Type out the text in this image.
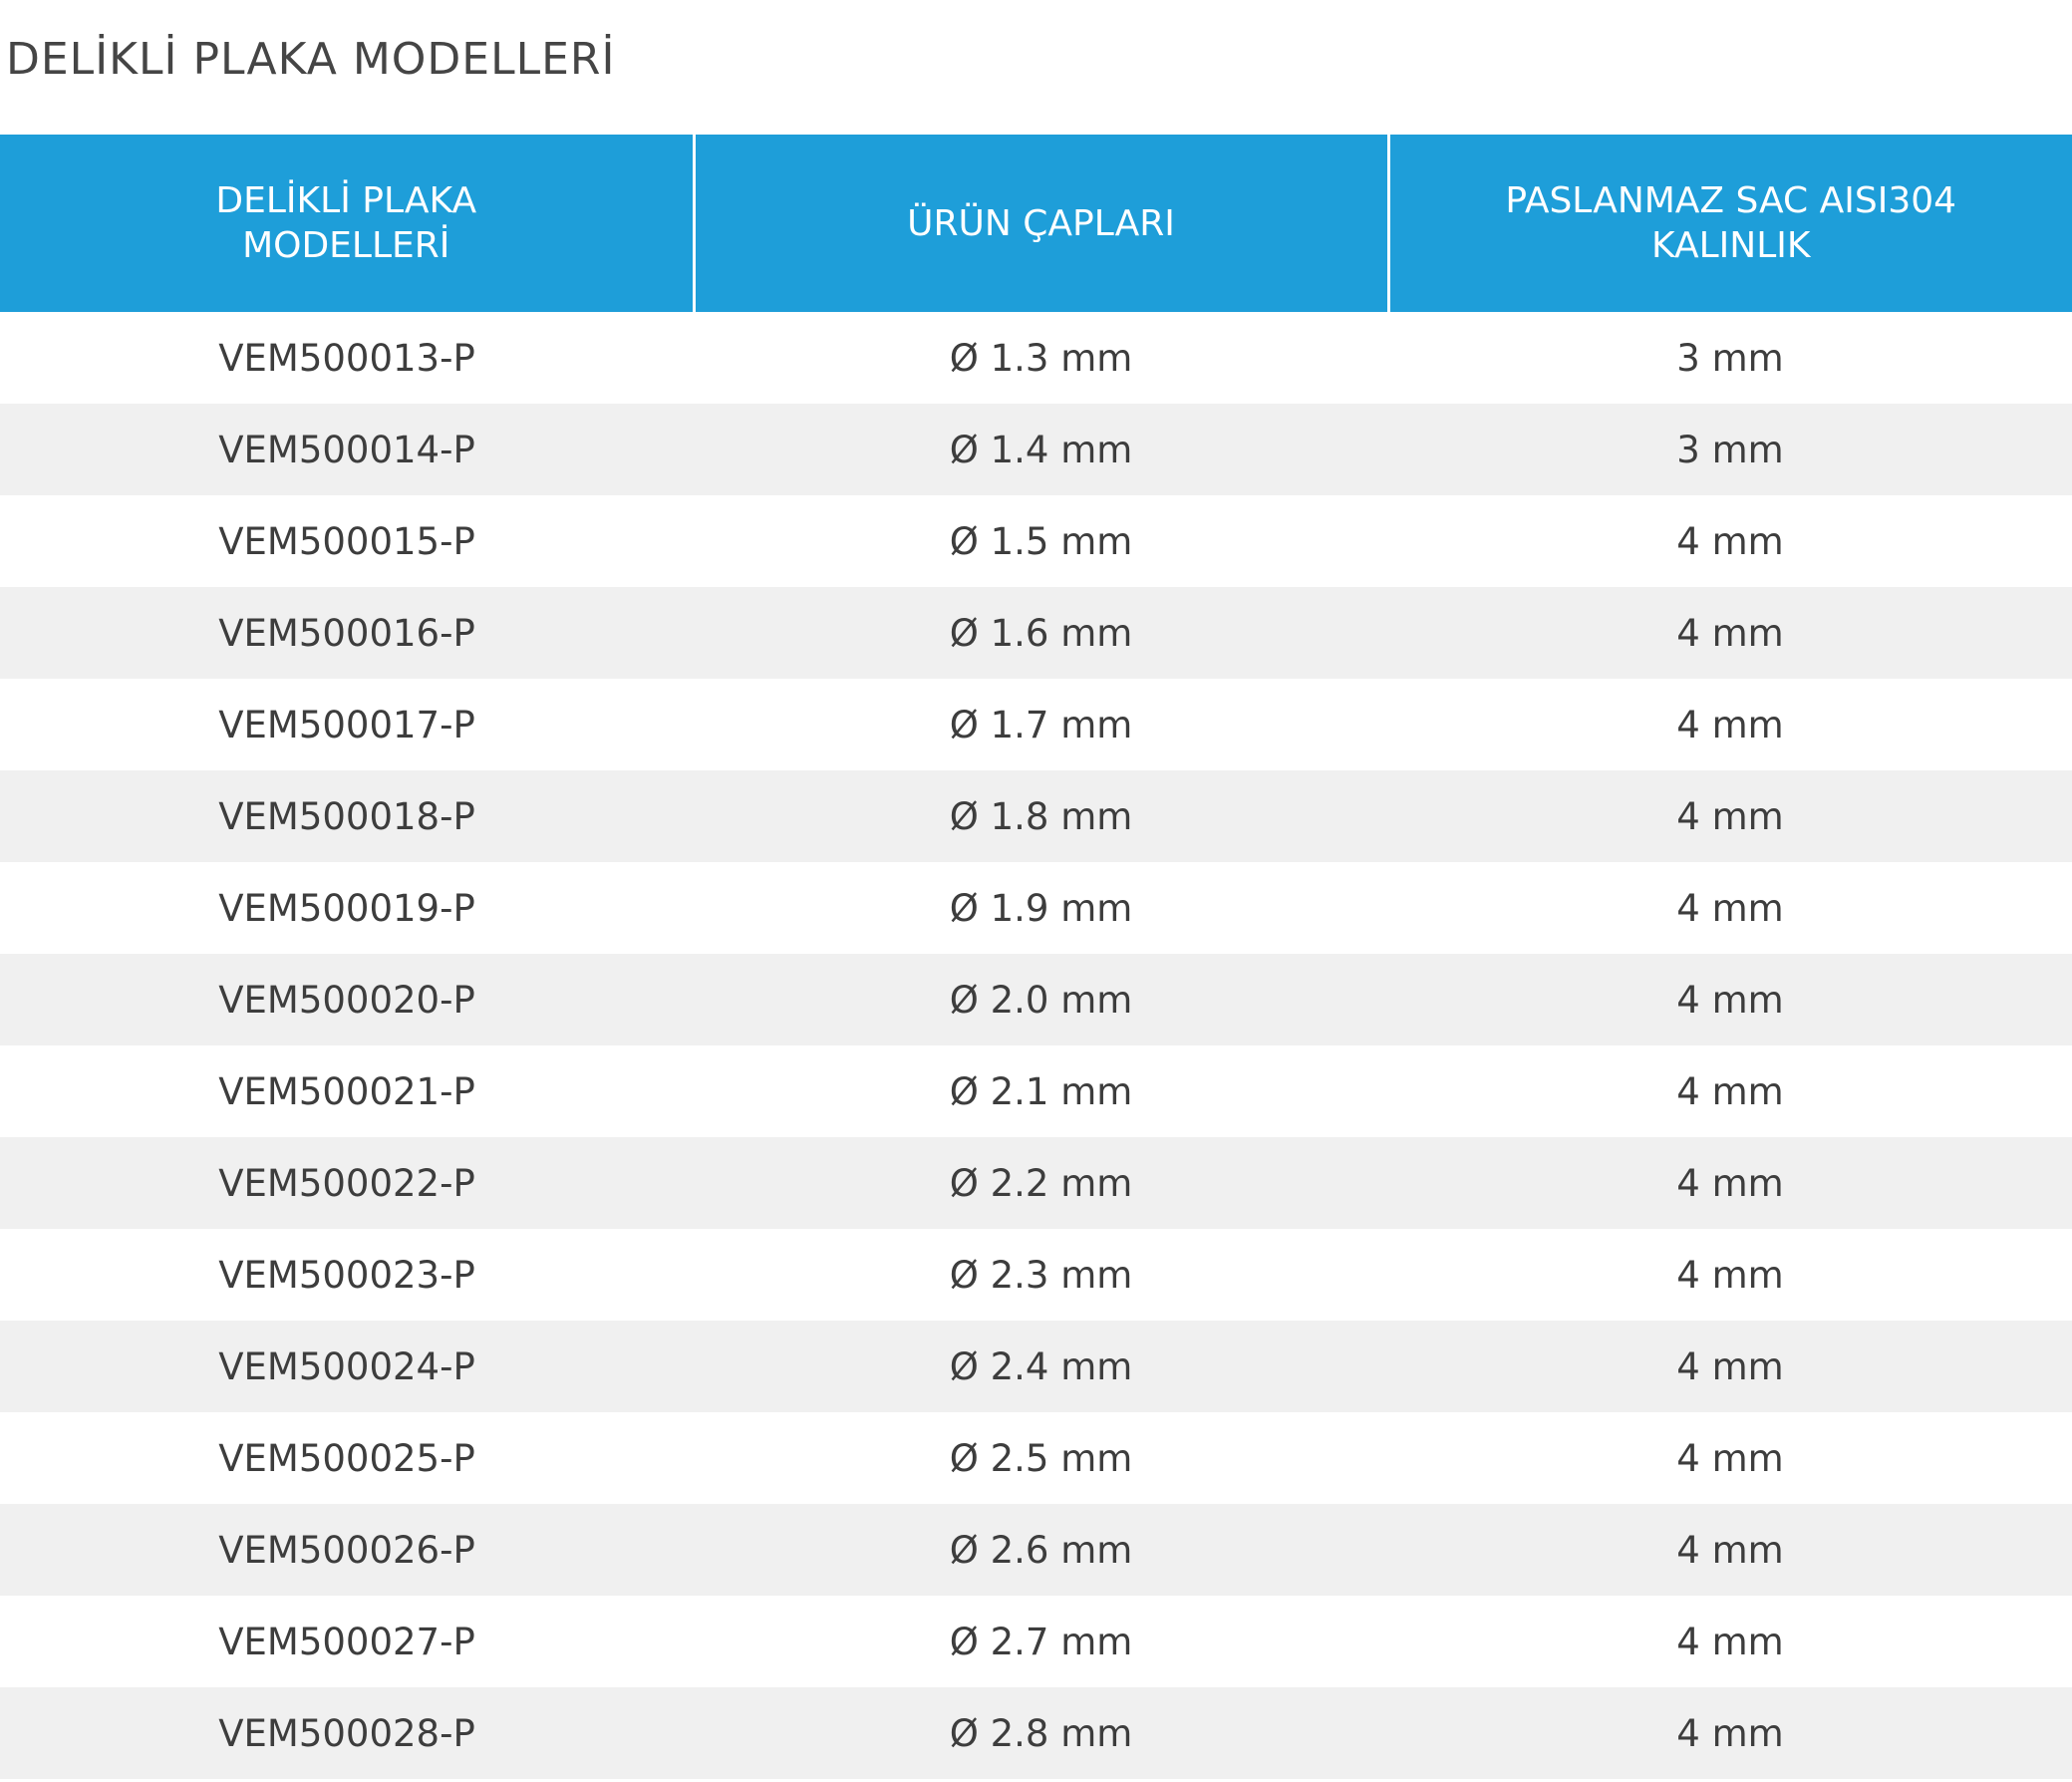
DELİKLİ PLAKA MODELLERİ
DELİKLİ PLAKA
MODELLERİ	ÜRÜN ÇAPLARI	PASLANMAZ SAC AISI304
KALINLIK
VEM500013-P	Ø 1.3 mm	3 mm
VEM500014-P	Ø 1.4 mm	3 mm
VEM500015-P	Ø 1.5 mm	4 mm
VEM500016-P	Ø 1.6 mm	4 mm
VEM500017-P	Ø 1.7 mm	4 mm
VEM500018-P	Ø 1.8 mm	4 mm
VEM500019-P	Ø 1.9 mm	4 mm
VEM500020-P	Ø 2.0 mm	4 mm
VEM500021-P	Ø 2.1 mm	4 mm
VEM500022-P	Ø 2.2 mm	4 mm
VEM500023-P	Ø 2.3 mm	4 mm
VEM500024-P	Ø 2.4 mm	4 mm
VEM500025-P	Ø 2.5 mm	4 mm
VEM500026-P	Ø 2.6 mm	4 mm
VEM500027-P	Ø 2.7 mm	4 mm
VEM500028-P	Ø 2.8 mm	4 mm
